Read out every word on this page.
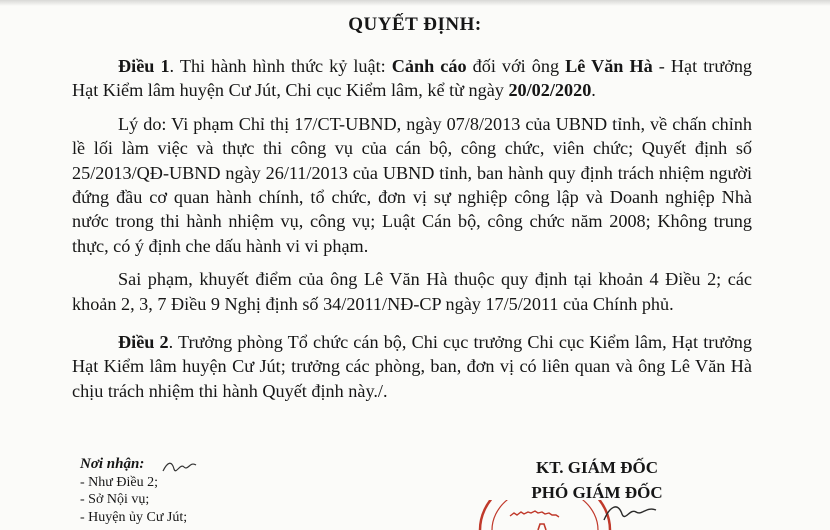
QUYẾT ĐỊNH:

Điều 1. Thi hành hình thức kỷ luật: Cảnh cáo đối với ông Lê Văn Hà - Hạt trưởng Hạt Kiểm lâm huyện Cư Jút, Chi cục Kiểm lâm, kể từ ngày 20/02/2020.

Lý do: Vi phạm Chỉ thị 17/CT-UBND, ngày 07/8/2013 của UBND tỉnh, về chấn chỉnh lề lối làm việc và thực thi công vụ của cán bộ, công chức, viên chức; Quyết định số 25/2013/QĐ-UBND ngày 26/11/2013 của UBND tỉnh, ban hành quy định trách nhiệm người đứng đầu cơ quan hành chính, tổ chức, đơn vị sự nghiệp công lập và Doanh nghiệp Nhà nước trong thi hành nhiệm vụ, công vụ; Luật Cán bộ, công chức năm 2008; Không trung thực, có ý định che dấu hành vi vi phạm.

Sai phạm, khuyết điểm của ông Lê Văn Hà thuộc quy định tại khoản 4 Điều 2; các khoản 2, 3, 7 Điều 9 Nghị định số 34/2011/NĐ-CP ngày 17/5/2011 của Chính phủ.

Điều 2. Trưởng phòng Tổ chức cán bộ, Chi cục trưởng Chi cục Kiểm lâm, Hạt trưởng Hạt Kiểm lâm huyện Cư Jút; trưởng các phòng, ban, đơn vị có liên quan và ông Lê Văn Hà chịu trách nhiệm thi hành Quyết định này./.

Nơi nhận:
- Như Điều 2;
- Sở Nội vụ;
- Huyện ủy Cư Jút;
KT. GIÁM ĐỐC
PHÓ GIÁM ĐỐC
